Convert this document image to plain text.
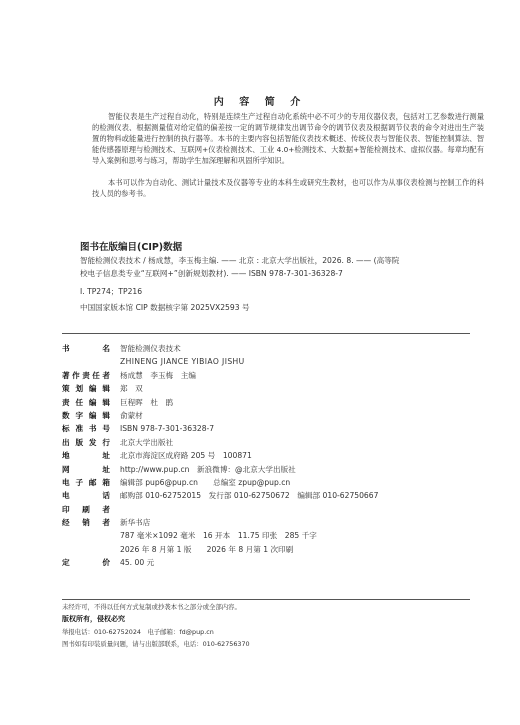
内 容 简 介
智能仪表是生产过程自动化，特别是连续生产过程自动化系统中必不可少的专用仪器仪表，包括对工艺参数进行测量的检测仪表、根据测量值对给定值的偏差按一定的调节规律发出调节命令的调节仪表及根据调节仪表的命令对进出生产装置的物料或能量进行控制的执行器等。本书的主要内容包括智能仪表技术概述、传统仪表与智能仪表、智能控制算法、智能传感器原理与检测技术、互联网+仪表检测技术、工业 4.0+检测技术、大数据+智能检测技术、虚拟仪器。每章均配有导入案例和思考与练习，帮助学生加深理解和巩固所学知识。
本书可以作为自动化、测试计量技术及仪器等专业的本科生或研究生教材，也可以作为从事仪表检测与控制工作的科技人员的参考书。
图书在版编目(CIP)数据
智能检测仪表技术 / 杨成慧，李玉梅主编. —— 北京 : 北京大学出版社，2026. 8. —— (高等院
校电子信息类专业“互联网+”创新规划教材). —— ISBN 978-7-301-36328-7
Ⅰ. TP274；TP216
中国国家版本馆 CIP 数据核字第 2025VX2593 号
书　　名 智能检测仪表技术
ZHINENG JIANCE YIBIAO JISHU
著作责任者 杨成慧　李玉梅　主编
策划编辑 郑　双
责任编辑 巨程晖　杜　鹃
数字编辑 俞蒙材
标准书号 ISBN 978-7-301-36328-7
出版发行 北京大学出版社
地　　址 北京市海淀区成府路 205 号　100871
网　　址 http://www.pup.cn　新浪微博：@北京大学出版社
电子邮箱 编辑部 pup6@pup.cn　　总编室 zpup@pup.cn
电　　话 邮购部 010-62752015　发行部 010-62750672　编辑部 010-62750667
印 刷 者
经 销 者 新华书店
787 毫米×1092 毫米　16 开本　11.75 印张　285 千字
2026 年 8 月第 1 版　　2026 年 8 月第 1 次印刷
定　　价 45. 00 元
未经许可，不得以任何方式复制或抄袭本书之部分或全部内容。
版权所有，侵权必究
举报电话：010-62752024　电子邮箱：fd@pup.cn
图书如有印装质量问题，请与出版部联系，电话：010-62756370
